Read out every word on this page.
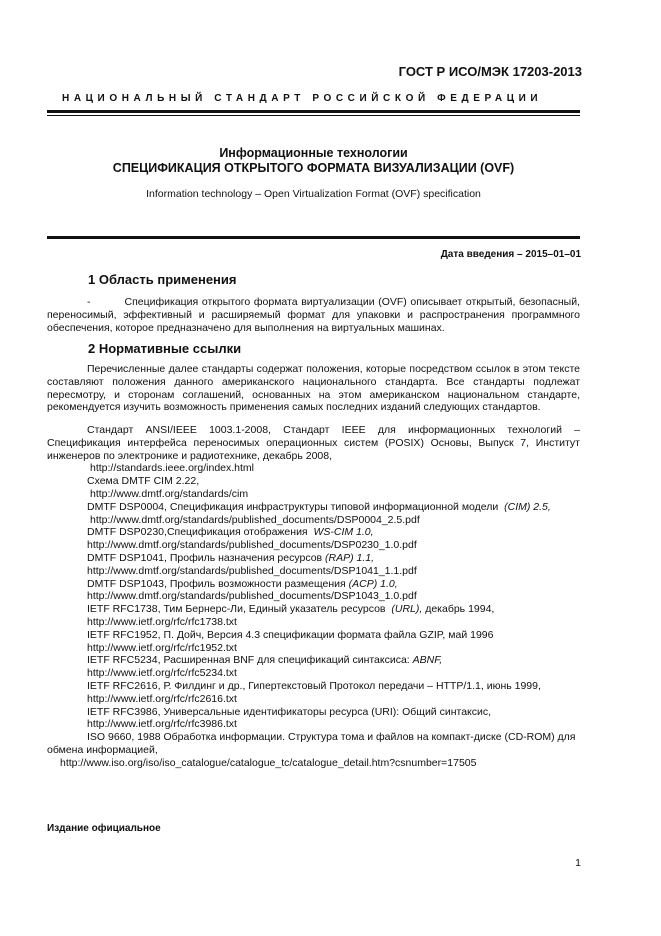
ГОСТ Р ИСО/МЭК 17203-2013
НАЦИОНАЛЬНЫЙ СТАНДАРТ РОССИЙСКОЙ ФЕДЕРАЦИИ
Информационные технологии
СПЕЦИФИКАЦИЯ ОТКРЫТОГО ФОРМАТА ВИЗУАЛИЗАЦИИ (OVF)
Information technology – Open Virtualization Format (OVF) specification
Дата введения – 2015–01–01
1 Область применения
-	Спецификация открытого формата виртуализации (OVF) описывает открытый, безопасный, переносимый, эффективный и расширяемый формат для упаковки и распространения программного обеспечения, которое предназначено для выполнения на виртуальных машинах.
2 Нормативные ссылки
Перечисленные далее стандарты содержат положения, которые посредством ссылок в этом тексте составляют положения данного американского национального стандарта. Все стандарты подлежат пересмотру, и сторонам соглашений, основанных на этом американском национальном стандарте, рекомендуется изучить возможность применения самых последних изданий следующих стандартов.
Стандарт ANSI/IEEE 1003.1-2008, Стандарт IEEE для информационных технологий – Спецификация интерфейса переносимых операционных систем (POSIX) Основы, Выпуск 7, Институт инженеров по электронике и радиотехнике, декабрь 2008,
http://standards.ieee.org/index.html
Схема DMTF CIM 2.22,
http://www.dmtf.org/standards/cim
DMTF DSP0004, Спецификация инфраструктуры типовой информационной модели (CIM) 2.5,
http://www.dmtf.org/standards/published_documents/DSP0004_2.5.pdf
DMTF DSP0230,Спецификация отображения WS-CIM 1.0,
http://www.dmtf.org/standards/published_documents/DSP0230_1.0.pdf
DMTF DSP1041, Профиль назначения ресурсов (RAP) 1.1,
http://www.dmtf.org/standards/published_documents/DSP1041_1.1.pdf
DMTF DSP1043, Профиль возможности размещения (ACP) 1.0,
http://www.dmtf.org/standards/published_documents/DSP1043_1.0.pdf
IETF RFC1738, Тим Бернерс-Ли, Единый указатель ресурсов (URL), декабрь 1994,
http://www.ietf.org/rfc/rfc1738.txt
IETF RFC1952, П. Дойч, Версия 4.3 спецификации формата файла GZIP, май 1996
http://www.ietf.org/rfc/rfc1952.txt
IETF RFC5234, Расширенная BNF для спецификаций синтаксиса: ABNF,
http://www.ietf.org/rfc/rfc5234.txt
IETF RFC2616, Р. Филдинг и др., Гипертекстовый Протокол передачи – HTTP/1.1, июнь 1999,
http://www.ietf.org/rfc/rfc2616.txt
IETF RFC3986, Универсальные идентификаторы ресурса (URI): Общий синтаксис,
http://www.ietf.org/rfc/rfc3986.txt
ISO 9660, 1988 Обработка информации. Структура тома и файлов на компакт-диске (CD-ROM) для обмена информацией,
http://www.iso.org/iso/iso_catalogue/catalogue_tc/catalogue_detail.htm?csnumber=17505
Издание официальное
1
